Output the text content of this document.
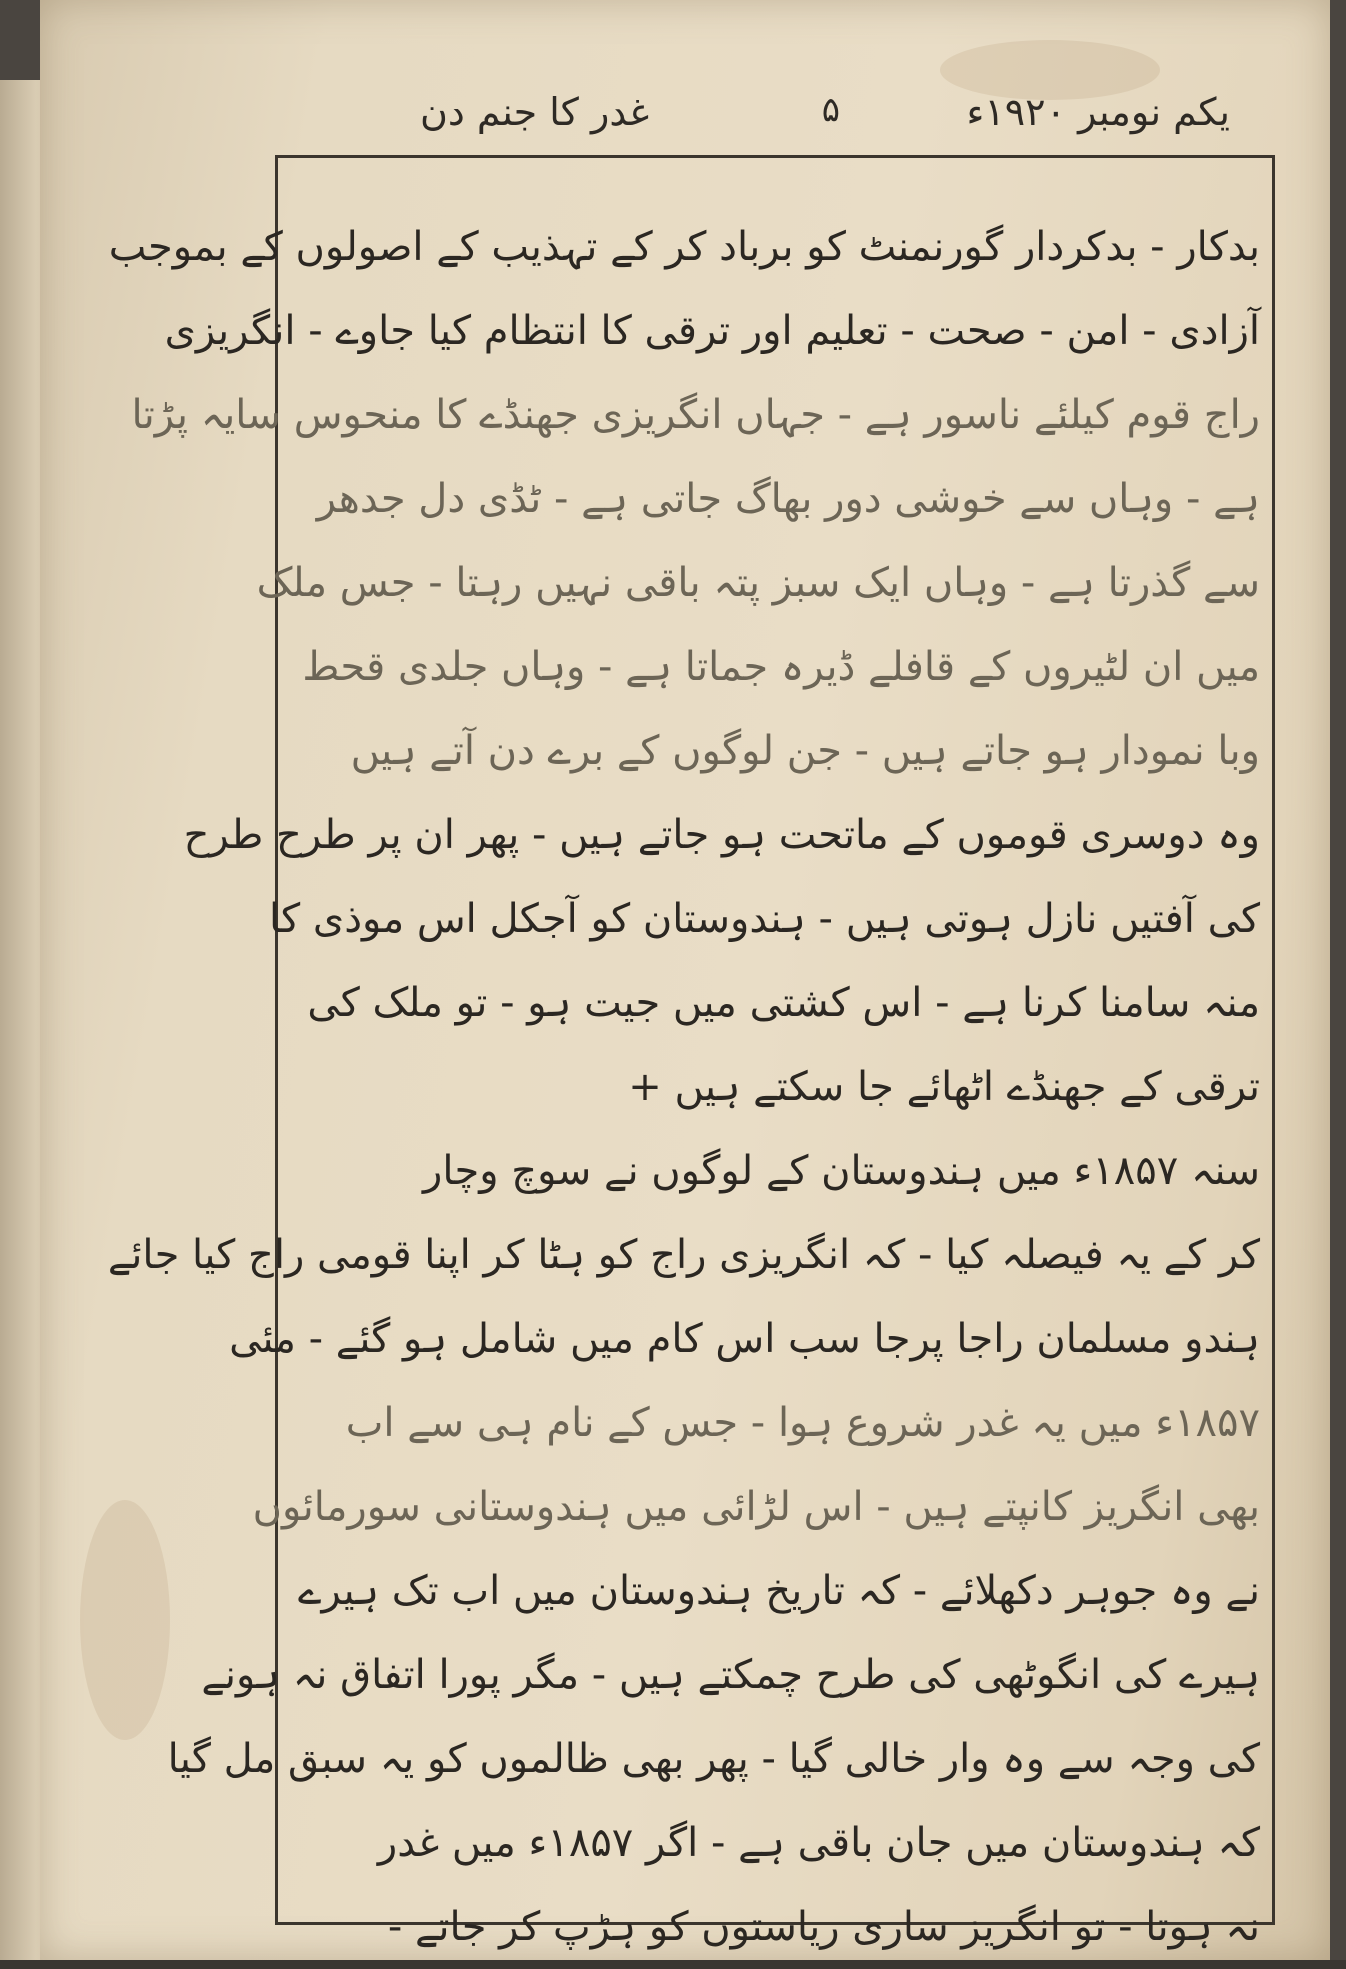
یکم نومبر ۱۹۲۰ء
۵
غدر کا جنم دن
بدکار - بدکردار گورنمنٹ کو برباد کر کے تہذیب کے اصولوں کے بموجب
آزادی - امن - صحت - تعلیم اور ترقی کا انتظام کیا جاوے - انگریزی
راج قوم کیلئے ناسور ہے - جہاں انگریزی جھنڈے کا منحوس سایہ پڑتا
ہے - وہاں سے خوشی دور بھاگ جاتی ہے - ٹڈی دل جدھر
سے گذرتا ہے - وہاں ایک سبز پتہ باقی نہیں رہتا - جس ملک
میں ان لٹیروں کے قافلے ڈیرہ جماتا ہے - وہاں جلدی قحط
وبا نمودار ہو جاتے ہیں - جن لوگوں کے برے دن آتے ہیں
وہ دوسری قوموں کے ماتحت ہو جاتے ہیں - پھر ان پر طرح طرح
کی آفتیں نازل ہوتی ہیں - ہندوستان کو آجکل اس موذی کا
منہ سامنا کرنا ہے - اس کشتی میں جیت ہو - تو ملک کی
ترقی کے جھنڈے اٹھائے جا سکتے ہیں +
سنہ ۱۸۵۷ء میں ہندوستان کے لوگوں نے سوچ وچار
کر کے یہ فیصلہ کیا - کہ انگریزی راج کو ہٹا کر اپنا قومی راج کیا جائے
ہندو مسلمان راجا پرجا سب اس کام میں شامل ہو گئے - مئی
۱۸۵۷ء میں یہ غدر شروع ہوا - جس کے نام ہی سے اب
بھی انگریز کانپتے ہیں - اس لڑائی میں ہندوستانی سورمائوں
نے وہ جوہر دکھلائے - کہ تاریخ ہندوستان میں اب تک ہیرے
ہیرے کی انگوٹھی کی طرح چمکتے ہیں - مگر پورا اتفاق نہ ہونے
کی وجہ سے وہ وار خالی گیا - پھر بھی ظالموں کو یہ سبق مل گیا
کہ ہندوستان میں جان باقی ہے - اگر ۱۸۵۷ء میں غدر
نہ ہوتا - تو انگریز ساری ریاستوں کو ہڑپ کر جاتے -
